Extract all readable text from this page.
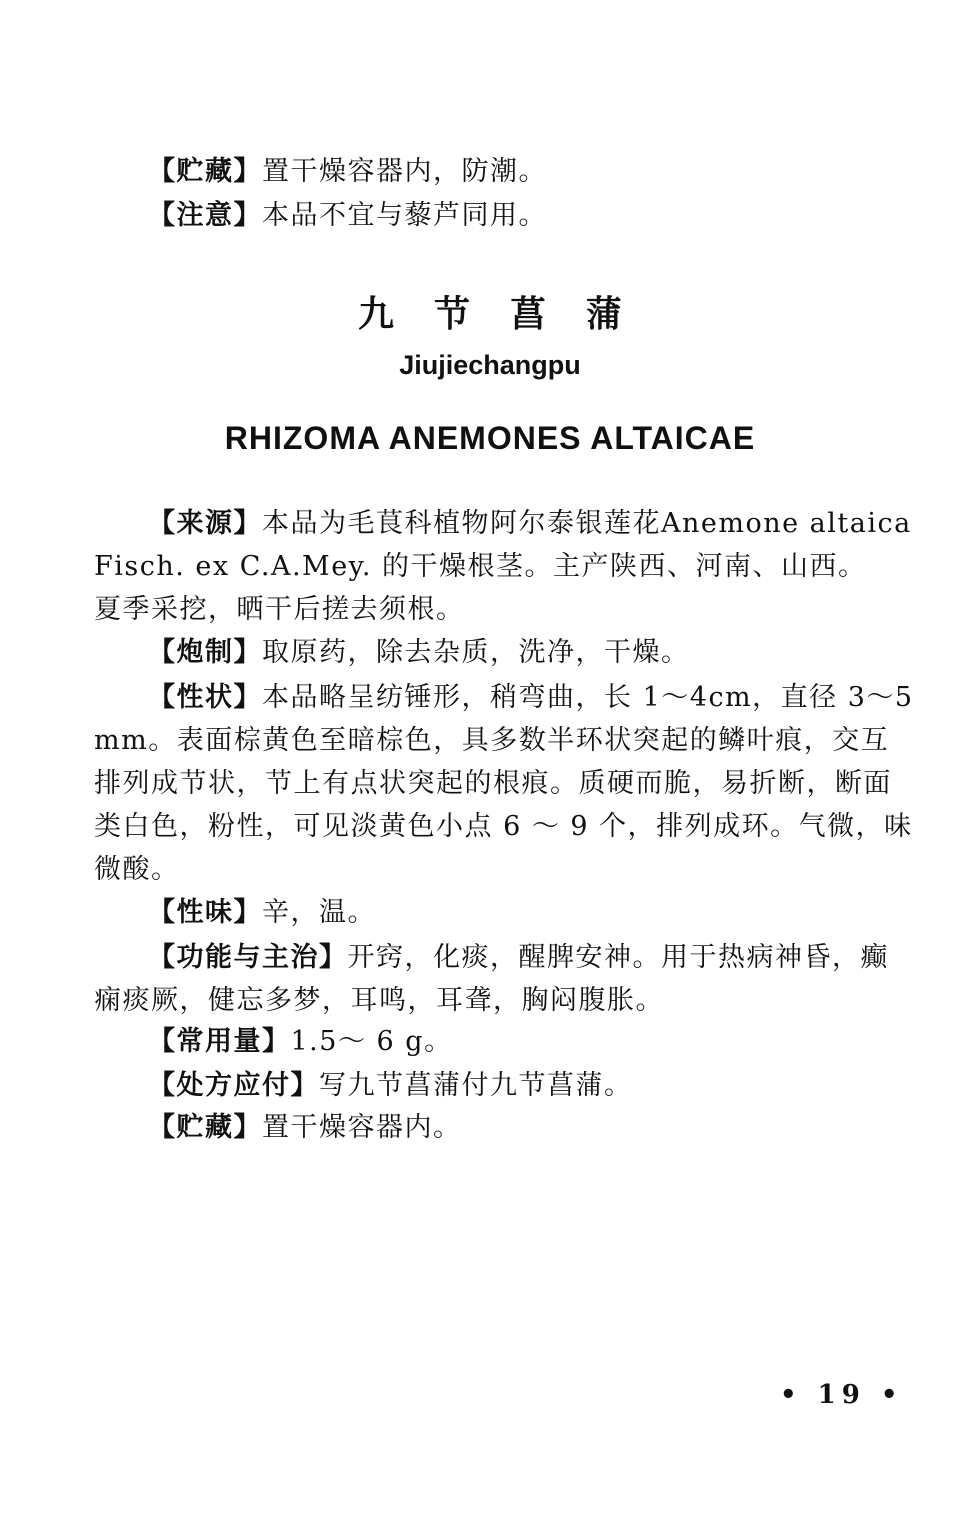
【贮藏】置干燥容器内，防潮。
【注意】本品不宜与藜芦同用。
九节菖蒲
Jiujiechangpu
RHIZOMA ANEMONES ALTAICAE
【来源】本品为毛茛科植物阿尔泰银莲花Anemone altaica
Fisch. ex C.A.Mey. 的干燥根茎。主产陕西、河南、山西。
夏季采挖，晒干后搓去须根。
【炮制】取原药，除去杂质，洗净，干燥。
【性状】本品略呈纺锤形，稍弯曲，长 1～4cm，直径 3～5
mm。表面棕黄色至暗棕色，具多数半环状突起的鳞叶痕，交互
排列成节状，节上有点状突起的根痕。质硬而脆，易折断，断面
类白色，粉性，可见淡黄色小点 6 ～ 9 个，排列成环。气微，味
微酸。
【性味】辛，温。
【功能与主治】开窍，化痰，醒脾安神。用于热病神昏，癫
痫痰厥，健忘多梦，耳鸣，耳聋，胸闷腹胀。
【常用量】1.5～ 6 g。
【处方应付】写九节菖蒲付九节菖蒲。
【贮藏】置干燥容器内。
• 19 •
